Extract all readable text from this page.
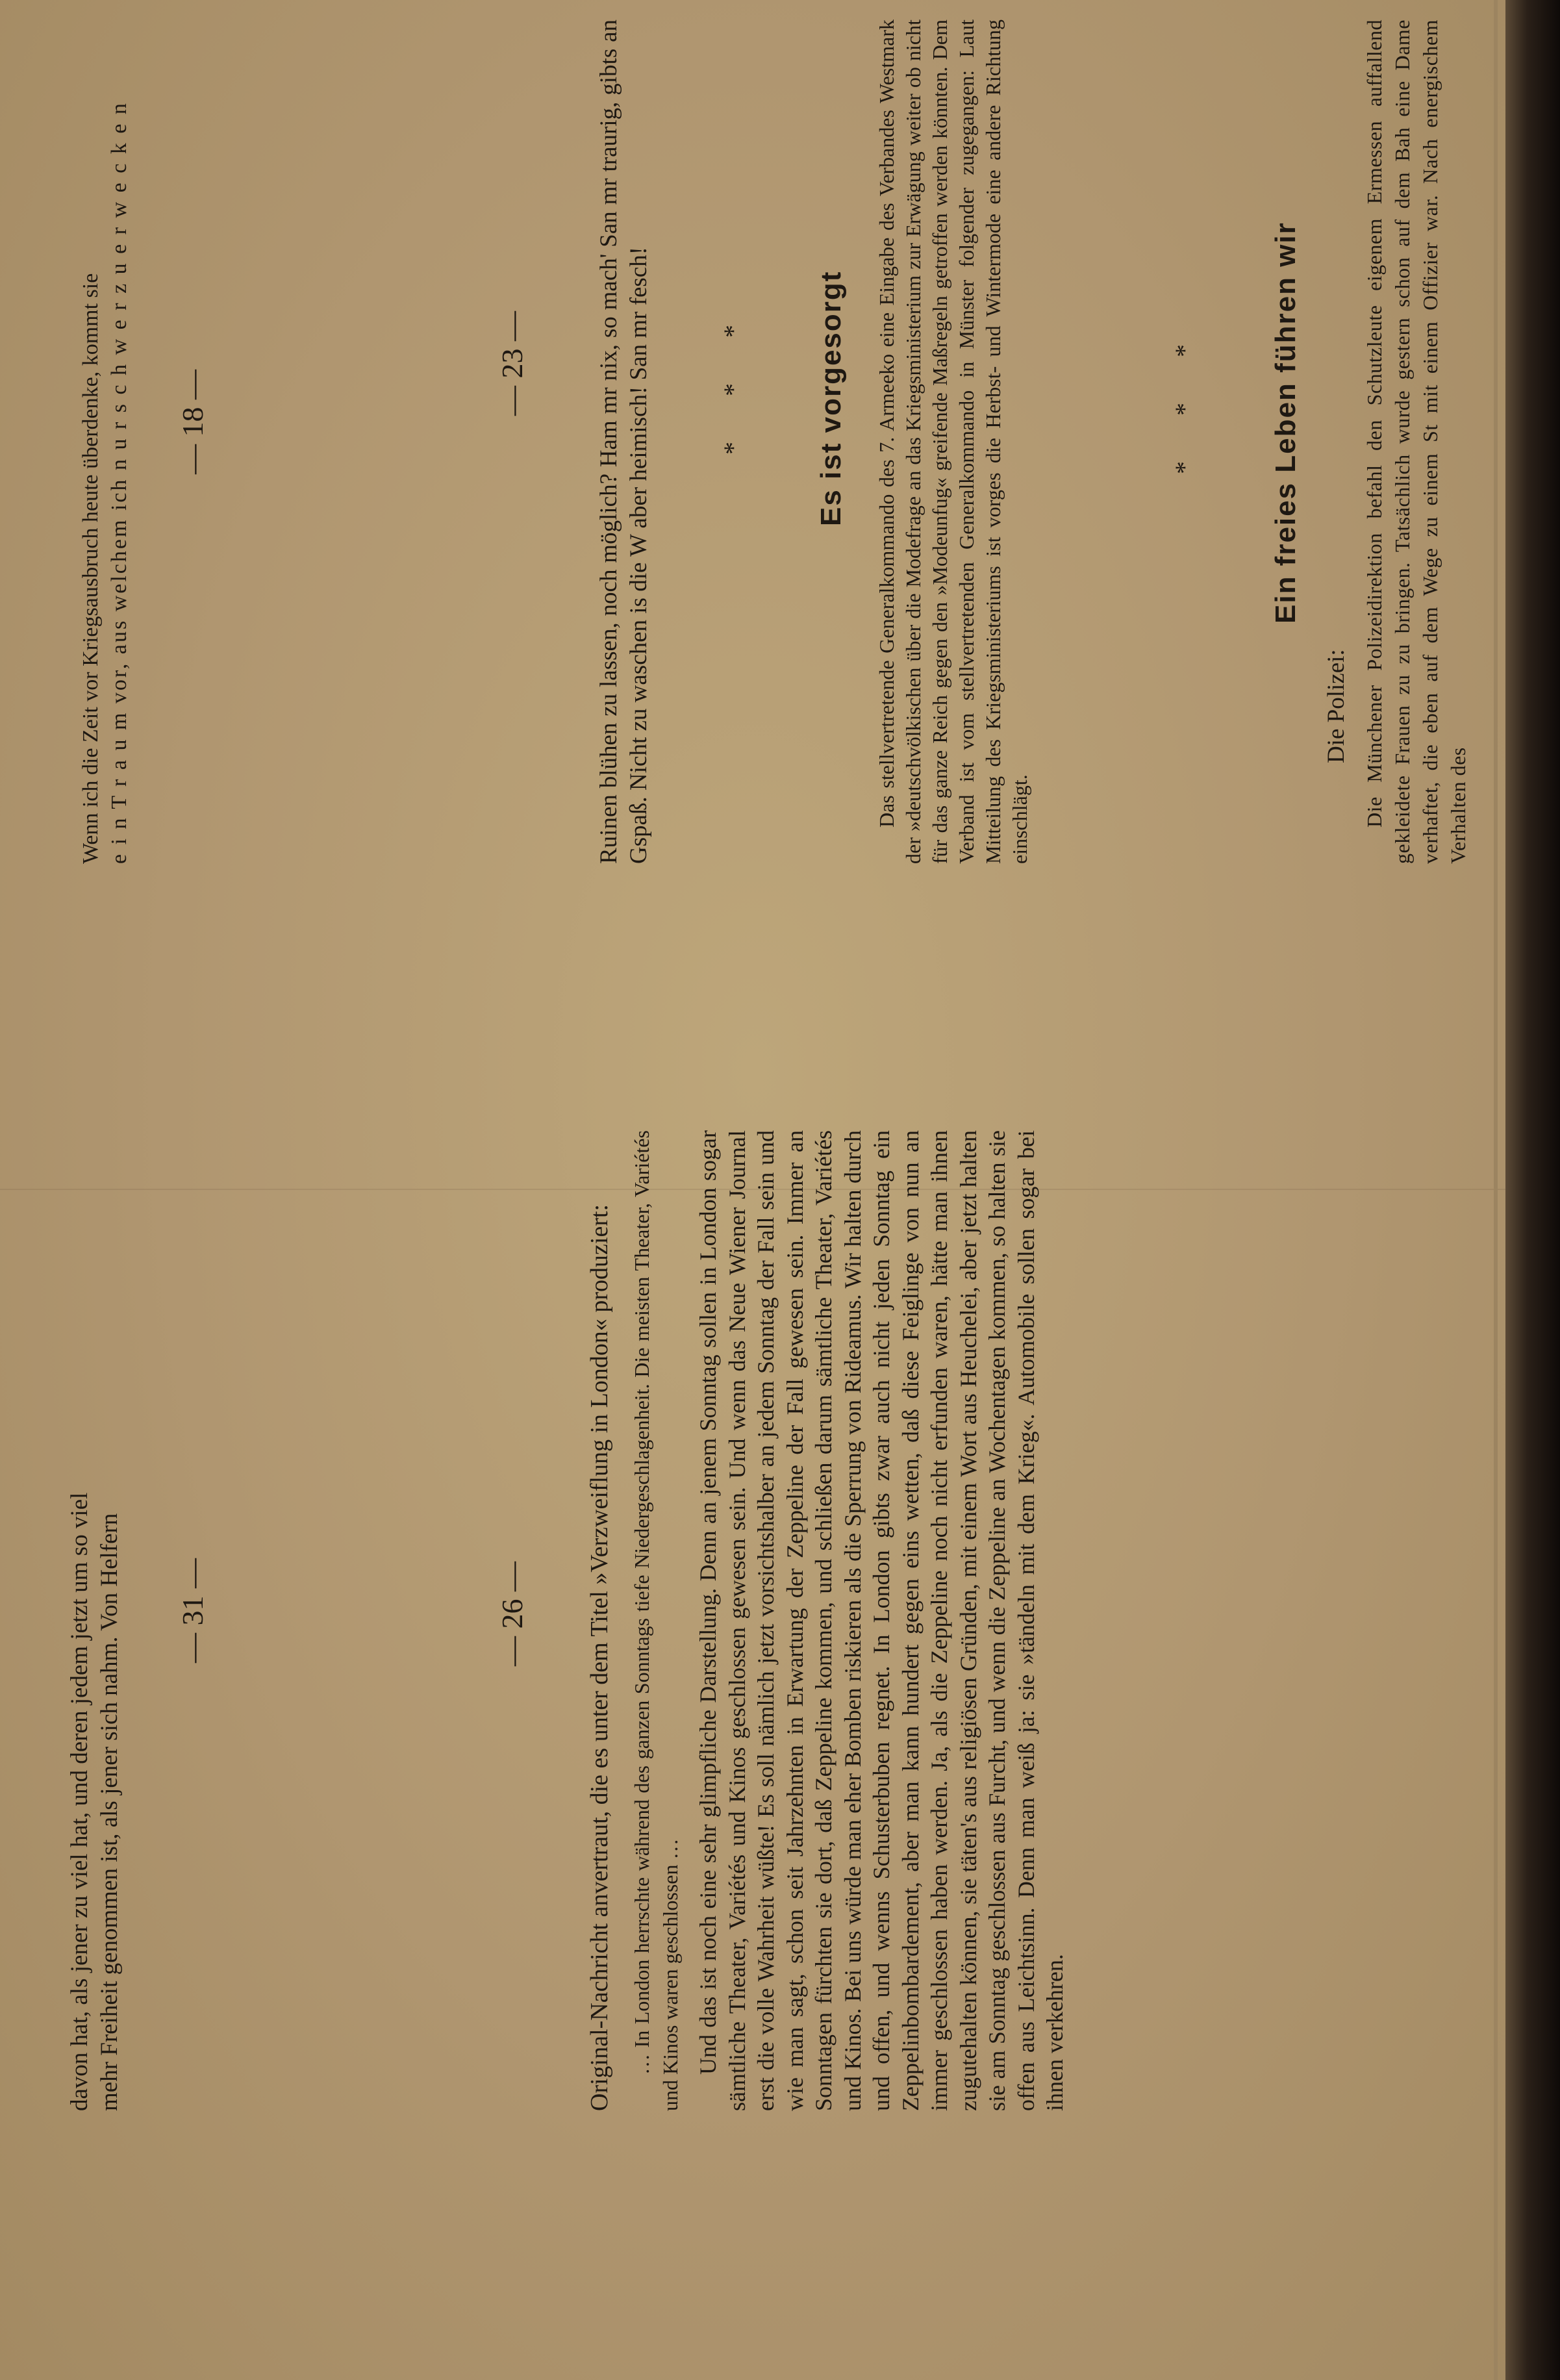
Wenn ich die Zeit vor Kriegsausbruch heute überdenke, kommt sie e i n T r a u m vor, aus welchem ich n u r s c h w e r z u e r w e c k e n — 18 —
— 23 —	Ruinen blühen zu lassen, noch möglich? Ham mr nix, so mach' San mr traurig, gibts an Gspaß. Nicht zu waschen is die W aber heimisch! San mr fesch!	* * * Es ist vorgesorgt Das stellvertretende Generalkommando des 7. Armeeko eine Eingabe des Verbandes Westmark der »deutschvölkischen über die Modefrage an das Kriegsministerium zur Erwägung weiter ob nicht für das ganze Reich gegen den »Modeunfug« greifende Maßregeln getroffen werden könnten. Dem Verband ist vom stellvertretenden Generalkommando in Münster folgender zugegangen: Laut Mitteilung des Kriegsministeriums ist vorges die Herbst- und Wintermode eine andere Richtung einschlägt.

* * * Ein freies Leben führen wir

Die Polizei: Die Münchener Polizeidirektion befahl den Schutzleute eigenem Ermessen auffallend gekleidete Frauen zu zu bringen. Tatsächlich wurde gestern schon auf dem Bah eine Dame verhaftet, die eben auf dem Wege zu einem St mit einem Offizier war. Nach energischem Verhalten des

— 31 —	— 26 — Original-Nachricht anvertraut, die es unter dem Titel »Verzweiflung in London« produziert: … In London herrschte während des ganzen Sonntags tiefe Niedergeschlagenheit. Die meisten Theater, Variétés und Kinos waren geschlossen … Und das ist noch eine sehr glimpfliche Darstellung. Denn an jenem Sonntag sollen in London sogar sämtliche Theater, Variétés und Kinos geschlossen gewesen sein. Und wenn das Neue Wiener Journal erst die volle Wahrheit wüßte! Es soll nämlich jetzt vorsichtshalber an jedem Sonntag der Fall sein und wie man sagt, schon seit Jahrzehnten in Erwartung der Zeppeline der Fall gewesen sein. Immer an Sonntagen fürchten sie dort, daß Zeppeline kommen, und schließen darum sämtliche Theater, Variétés und Kinos. Bei uns würde man eher Bomben riskieren als die Sperrung von Rideamus. Wir halten durch und offen, und wenns Schusterbuben regnet. In London gibts zwar auch nicht jeden Sonntag ein Zeppelinbombardement, aber man kann hundert gegen eins wetten, daß diese Feiglinge von nun an immer geschlossen haben werden. Ja, als die Zeppeline noch nicht erfunden waren, hätte man ihnen zugutehalten können, sie täten's aus religiösen Gründen, mit einem Wort aus Heuchelei, aber jetzt halten sie am Sonntag geschlossen aus Furcht, und wenn die Zeppeline an Wochentagen kommen, so halten sie offen aus Leichtsinn. Denn man weiß ja: sie »tändeln mit dem Krieg«. Automobile sollen sogar bei ihnen verkehren.

davon hat, als jener zu viel hat, und deren jedem jetzt um so viel mehr Freiheit genommen ist, als jener sich nahm. Von Helfern
